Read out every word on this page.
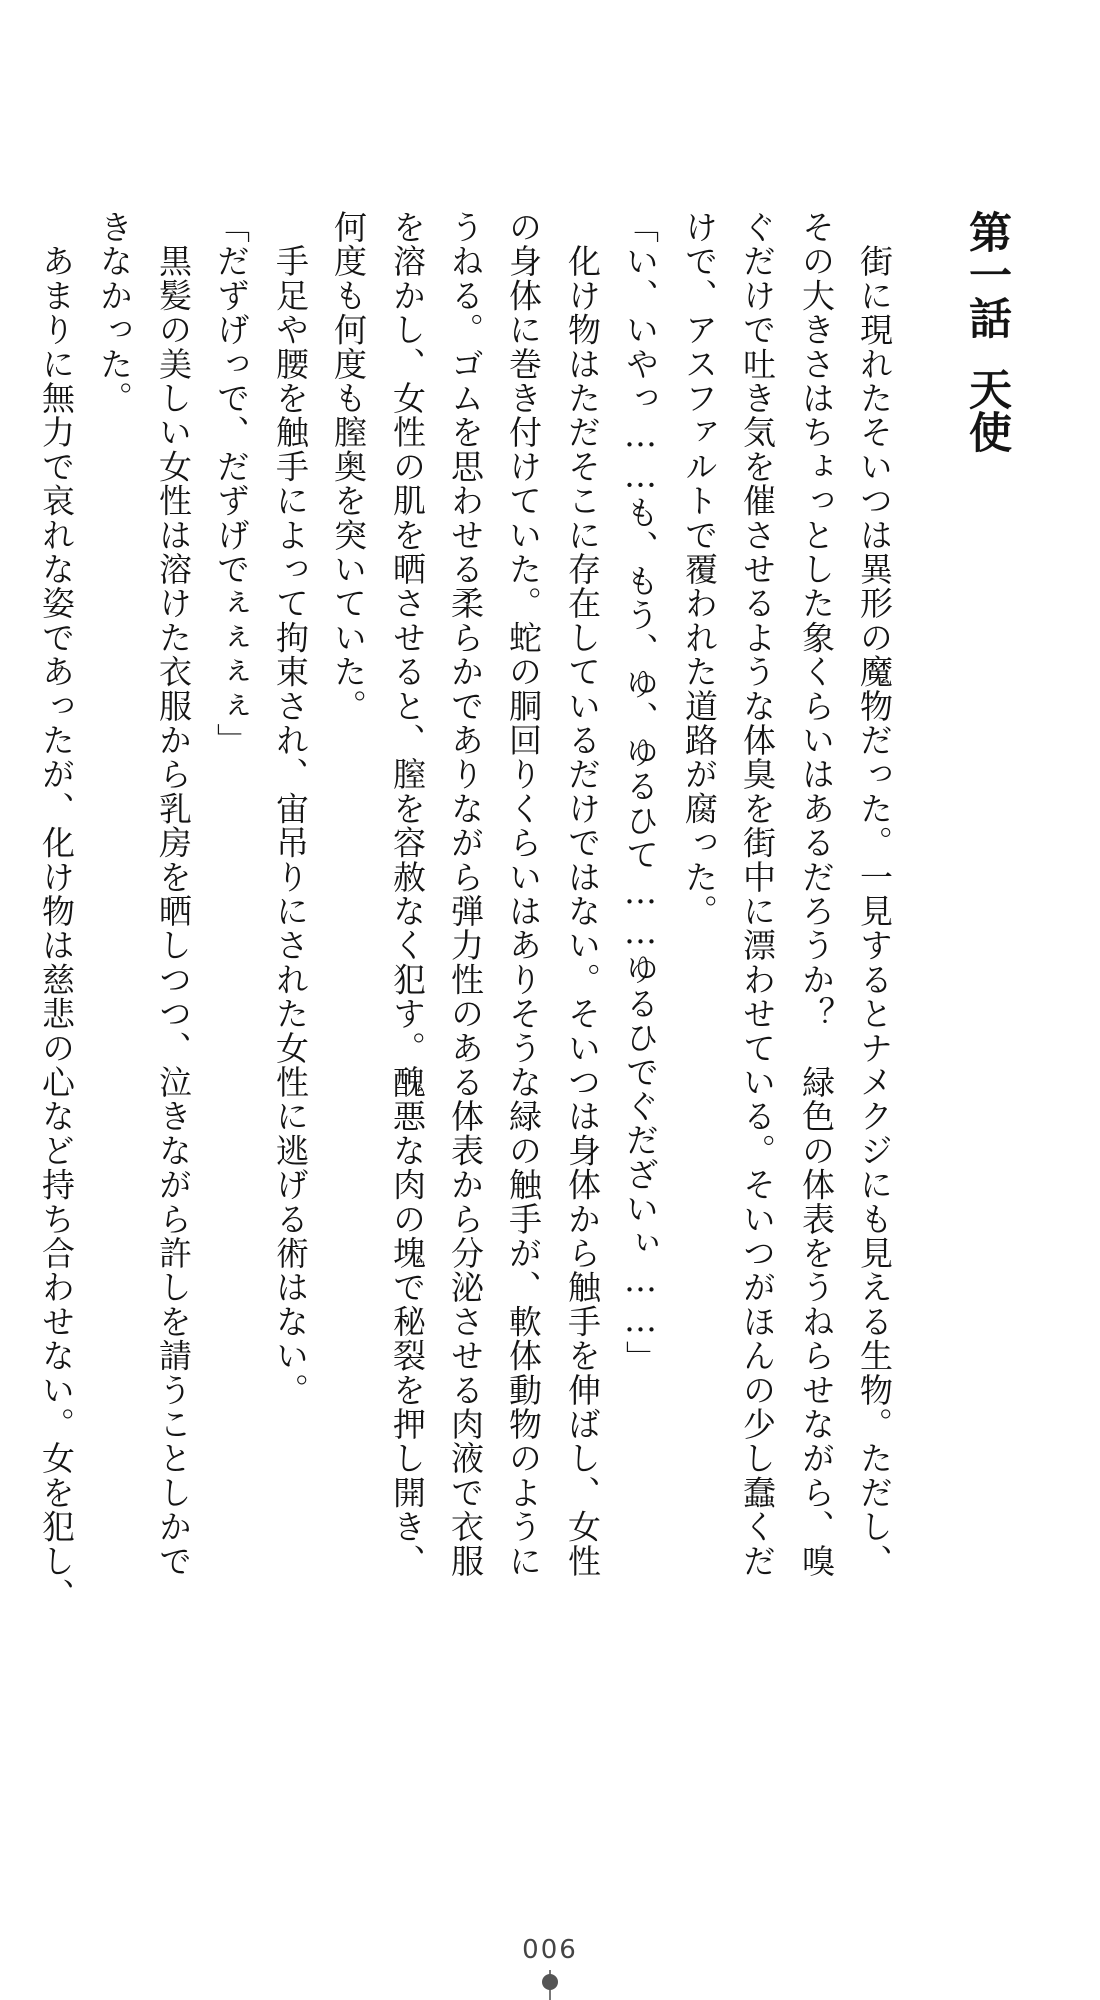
第一話天使
　街に現れたそいつは異形の魔物だった。一見するとナメクジにも見える生物。ただし、
その大きさはちょっとした象くらいはあるだろうか？　緑色の体表をうねらせながら、嗅
ぐだけで吐き気を催させるような体臭を街中に漂わせている。そいつがほんの少し蠢くだ
けで、アスファルトで覆われた道路が腐った。
「い、いやっ……も、もう、ゆ、ゆるひて……ゆるひでぐだざいぃ……」
　化け物はただそこに存在しているだけではない。そいつは身体から触手を伸ばし、女性
の身体に巻き付けていた。蛇の胴回りくらいはありそうな緑の触手が、軟体動物のように
うねる。ゴムを思わせる柔らかでありながら弾力性のある体表から分泌させる肉液で衣服
を溶かし、女性の肌を晒させると、膣を容赦なく犯す。醜悪な肉の塊で秘裂を押し開き、
何度も何度も膣奥を突いていた。
　手足や腰を触手によって拘束され、宙吊りにされた女性に逃げる術はない。
「だずげっで、だずげでぇぇぇぇ」
　黒髪の美しい女性は溶けた衣服から乳房を晒しつつ、泣きながら許しを請うことしかで
きなかった。
　あまりに無力で哀れな姿であったが、化け物は慈悲の心など持ち合わせない。女を犯し、
006
